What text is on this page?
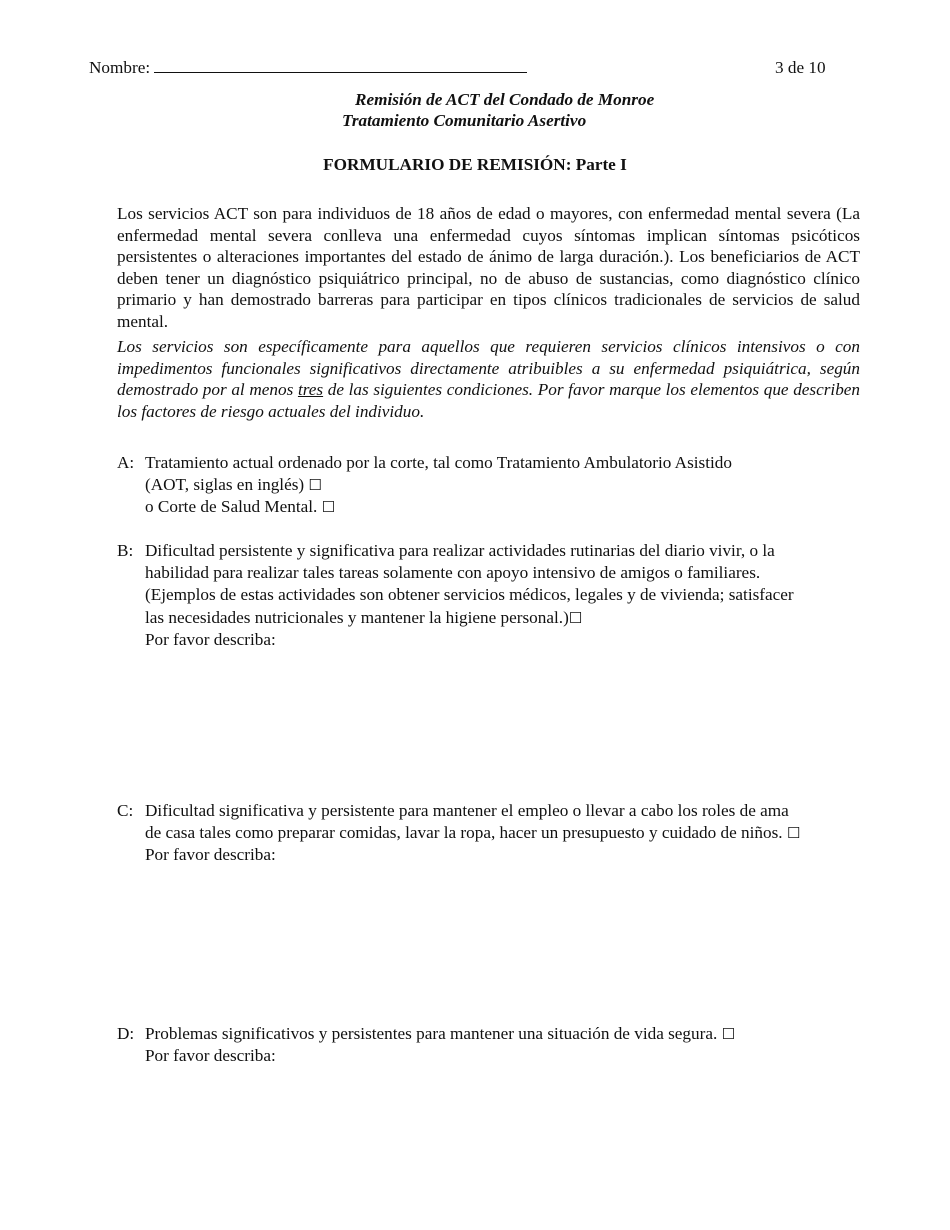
Nombre:	3 de 10
Remisión de ACT del Condado de Monroe
Tratamiento Comunitario Asertivo
FORMULARIO DE REMISIÓN: Parte I
Los servicios ACT son para individuos de 18 años de edad o mayores, con enfermedad mental severa (La enfermedad mental severa conlleva una enfermedad cuyos síntomas implican síntomas psicóticos persistentes o alteraciones importantes del estado de ánimo de larga duración.). Los beneficiarios de ACT deben tener un diagnóstico psiquiátrico principal, no de abuso de sustancias, como diagnóstico clínico primario y han demostrado barreras para participar en tipos clínicos tradicionales de servicios de salud mental.
Los servicios son específicamente para aquellos que requieren servicios clínicos intensivos o con impedimentos funcionales significativos directamente atribuibles a su enfermedad psiquiátrica, según demostrado por al menos tres de las siguientes condiciones. Por favor marque los elementos que describen los factores de riesgo actuales del individuo.
A: Tratamiento actual ordenado por la corte, tal como Tratamiento Ambulatorio Asistido
(AOT, siglas en inglés) ☐
o Corte de Salud Mental. ☐
B: Dificultad persistente y significativa para realizar actividades rutinarias del diario vivir, o la
habilidad para realizar tales tareas solamente con apoyo intensivo de amigos o familiares.
(Ejemplos de estas actividades son obtener servicios médicos, legales y de vivienda; satisfacer
las necesidades nutricionales y mantener la higiene personal.)☐
Por favor describa:
C: Dificultad significativa y persistente para mantener el empleo o llevar a cabo los roles de ama
de casa tales como preparar comidas, lavar la ropa, hacer un presupuesto y cuidado de niños. ☐
Por favor describa:
D: Problemas significativos y persistentes para mantener una situación de vida segura. ☐
Por favor describa:
